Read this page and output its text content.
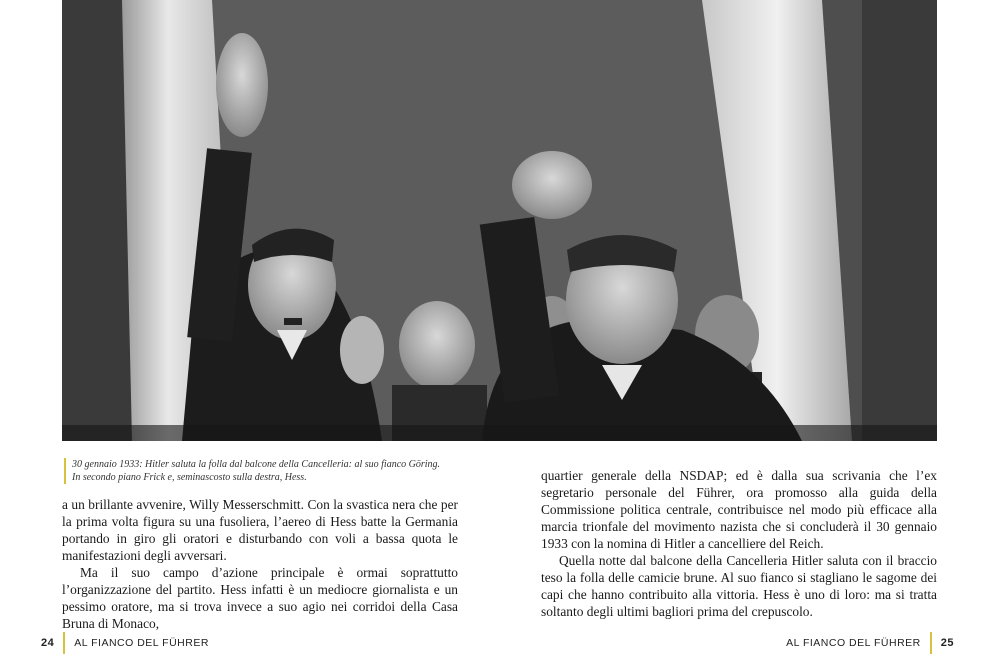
30 gennaio 1933: Hitler saluta la folla dal balcone della Cancelleria: al suo fianco Göring.

In secondo piano Frick e, seminascosto sulla destra, Hess.

a un brillante avvenire, Willy Messerschmitt. Con la svastica nera che per la prima volta figura su una fusoliera, l’aereo di Hess batte la Germania portando in giro gli oratori e disturbando con voli a bassa quota le manifestazioni degli avversari.

Ma il suo campo d’azione principale è ormai soprattutto l’organizzazione del partito. Hess infatti è un mediocre giornalista e un pessimo oratore, ma si trova invece a suo agio nei corridoi della Casa Bruna di Monaco,

quartier generale della NSDAP; ed è dalla sua scrivania che l’ex segretario personale del Führer, ora promosso alla guida della Commissione politica centrale, contribuisce nel modo più efficace alla marcia trionfale del movimento nazista che si concluderà il 30 gennaio 1933 con la nomina di Hitler a cancelliere del Reich.

Quella notte dal balcone della Cancelleria Hitler saluta con il braccio teso la folla delle camicie brune. Al suo fianco si stagliano le sagome dei capi che hanno contribuito alla vittoria. Hess è uno di loro: ma si tratta soltanto degli ultimi bagliori prima del crepuscolo.

24 AL FIANCO DEL FÜHRER	AL FIANCO DEL FÜHRER 25
